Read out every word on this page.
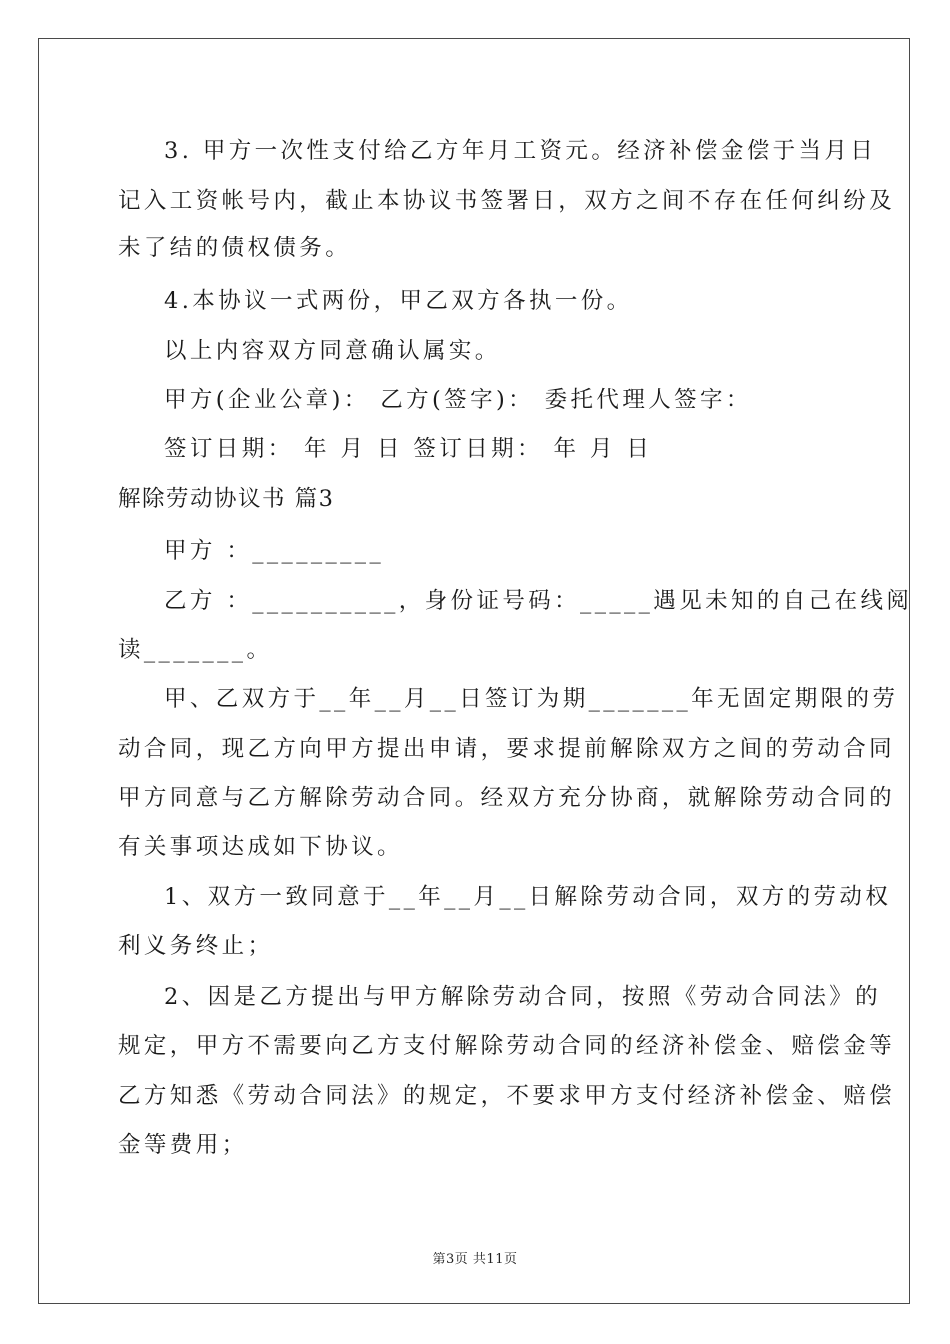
3. 甲方一次性支付给乙方年月工资元。经济补偿金偿于当月日
记入工资帐号内，截止本协议书签署日，双方之间不存在任何纠纷及
未了结的债权债务。
4.本协议一式两份，甲乙双方各执一份。
以上内容双方同意确认属实。
甲方(企业公章)： 乙方(签字)： 委托代理人签字：
签订日期： 年 月 日 签订日期： 年 月 日
解除劳动协议书 篇3
甲方 ：_________
乙方 ：__________，身份证号码：_____遇见未知的自己在线阅
读_______。
甲、乙双方于__年__月__日签订为期_______年无固定期限的劳
动合同，现乙方向甲方提出申请，要求提前解除双方之间的劳动合同
甲方同意与乙方解除劳动合同。经双方充分协商，就解除劳动合同的
有关事项达成如下协议。
1、双方一致同意于__年__月__日解除劳动合同，双方的劳动权
利义务终止；
2、因是乙方提出与甲方解除劳动合同，按照《劳动合同法》的
规定，甲方不需要向乙方支付解除劳动合同的经济补偿金、赔偿金等
乙方知悉《劳动合同法》的规定，不要求甲方支付经济补偿金、赔偿
金等费用；
第3页 共11页
